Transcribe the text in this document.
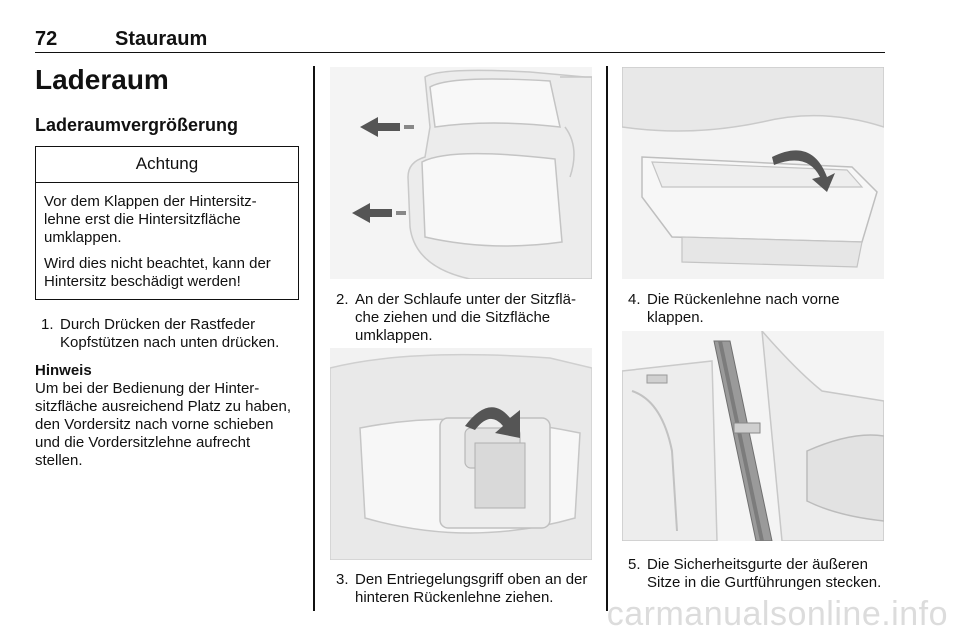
72	Stauraum
Laderaum
Laderaumvergrößerung
Achtung

Vor dem Klappen der Hintersitz-lehne erst die Hintersitzfläche umklappen.

Wird dies nicht beachtet, kann der Hintersitz beschädigt werden!

1. Durch Drücken der Rastfeder Kopfstützen nach unten drücken.
Hinweis

Um bei der Bedienung der Hinter-sitzfläche ausreichend Platz zu haben, den Vordersitz nach vorne schieben und die Vordersitzlehne aufrecht stellen.

2. An der Schlaufe unter der Sitzflä-che ziehen und die Sitzfläche umklappen.
3. Den Entriegelungsgriff oben an der hinteren Rückenlehne ziehen.
4. Die Rückenlehne nach vorne klappen.
5. Die Sicherheitsgurte der äußeren Sitze in die Gurtführungen stecken.
carmanualsonline.info
